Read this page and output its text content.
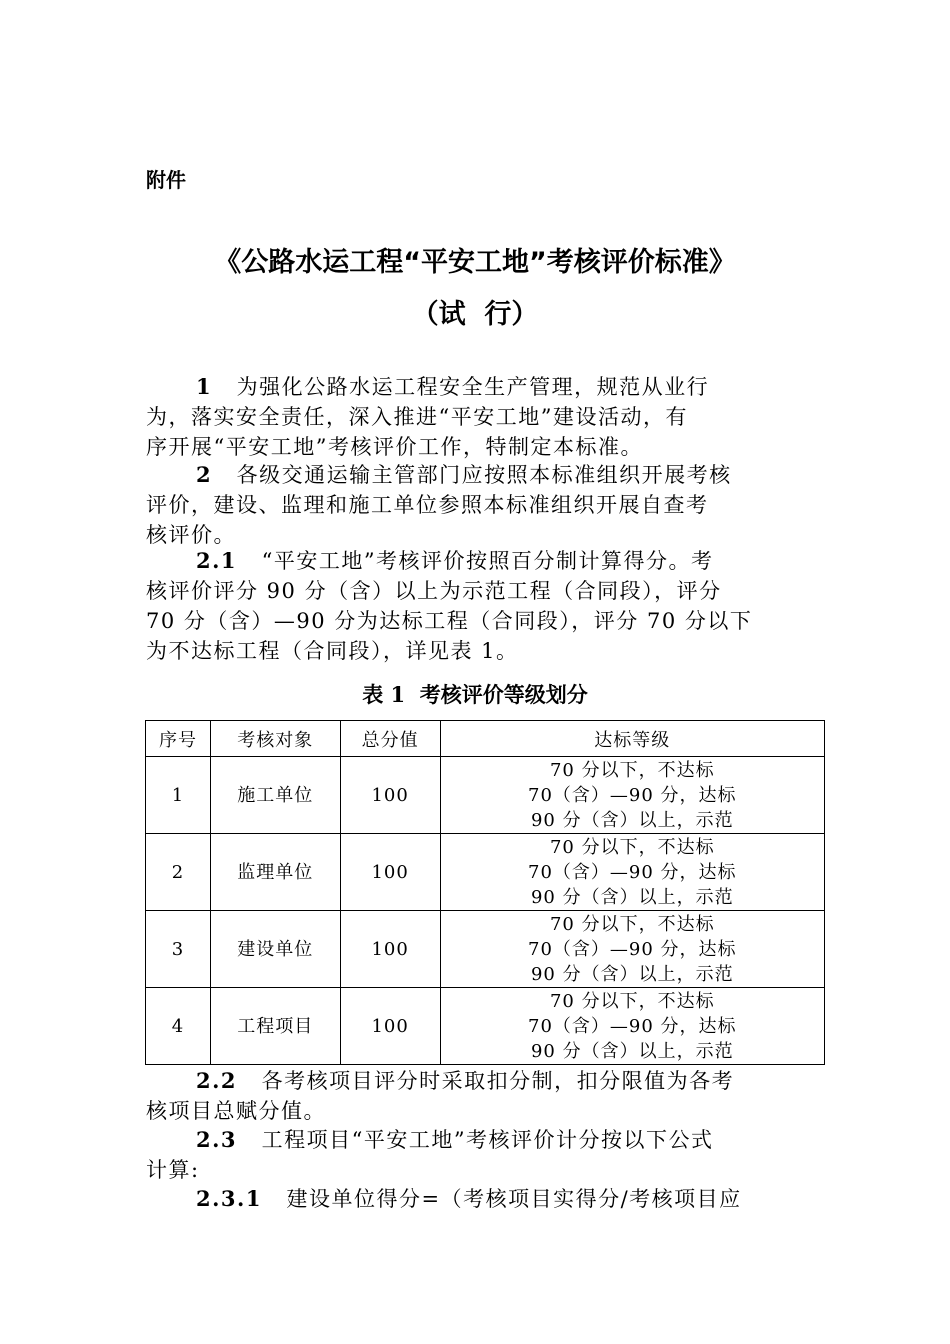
附件
《公路水运工程“平安工地”考核评价标准》
（试  行）
1 为强化公路水运工程安全生产管理，规范从业行
为，落实安全责任，深入推进“平安工地”建设活动，有
序开展“平安工地”考核评价工作，特制定本标准。
2 各级交通运输主管部门应按照本标准组织开展考核
评价，建设、监理和施工单位参照本标准组织开展自查考
核评价。
2.1 “平安工地”考核评价按照百分制计算得分。考
核评价评分 90 分（含）以上为示范工程（合同段），评分
70 分（含）—90 分为达标工程（合同段），评分 70 分以下
为不达标工程（合同段），详见表 1。
表 1  考核评价等级划分
序号	考核对象	总分值	达标等级
1	施工单位	100	70 分以下，不达标
70（含）—90 分，达标
90 分（含）以上，示范

2	监理单位	100	70 分以下，不达标
70（含）—90 分，达标
90 分（含）以上，示范

3	建设单位	100	70 分以下，不达标
70（含）—90 分，达标
90 分（含）以上，示范

4	工程项目	100	70 分以下，不达标
70（含）—90 分，达标
90 分（含）以上，示范
2.2 各考核项目评分时采取扣分制，扣分限值为各考
核项目总赋分值。
2.3 工程项目“平安工地”考核评价计分按以下公式
计算:
2.3.1 建设单位得分=（考核项目实得分/考核项目应
